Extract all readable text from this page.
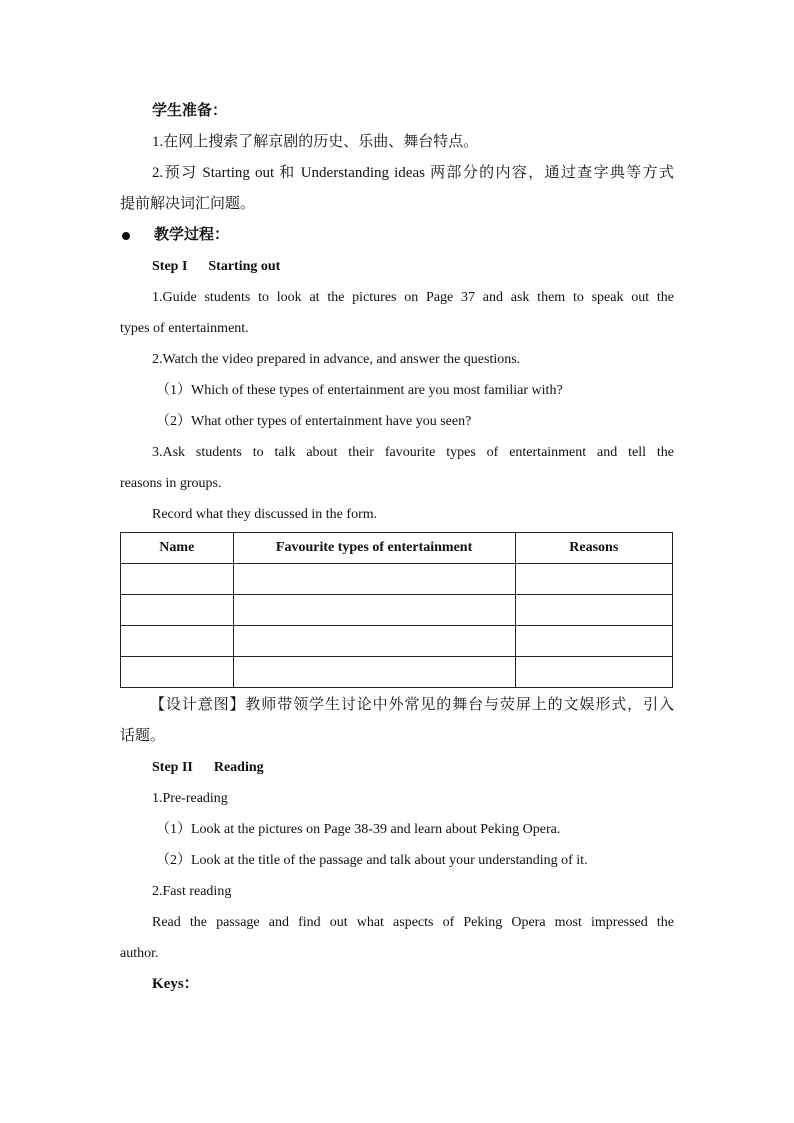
学生准备：
1.在网上搜索了解京剧的历史、乐曲、舞台特点。
2.预习 Starting out 和 Understanding ideas 两部分的内容，通过查字典等方式
提前解决词汇问题。
教学过程：
Step I      Starting out
1.Guide students to look at the pictures on Page 37 and ask them to speak out the
types of entertainment.
2.Watch the video prepared in advance, and answer the questions.
（1）Which of these types of entertainment are you most familiar with?
（2）What other types of entertainment have you seen?
3.Ask students to talk about their favourite types of entertainment and tell the
reasons in groups.
Record what they discussed in the form.
Name	Favourite types of entertainment	Reasons

【设计意图】教师带领学生讨论中外常见的舞台与荧屏上的文娱形式，引入
话题。
Step II      Reading
1.Pre-reading
（1）Look at the pictures on Page 38-39 and learn about Peking Opera.
（2）Look at the title of the passage and talk about your understanding of it.
2.Fast reading
Read the passage and find out what aspects of Peking Opera most impressed the
author.
Keys：
